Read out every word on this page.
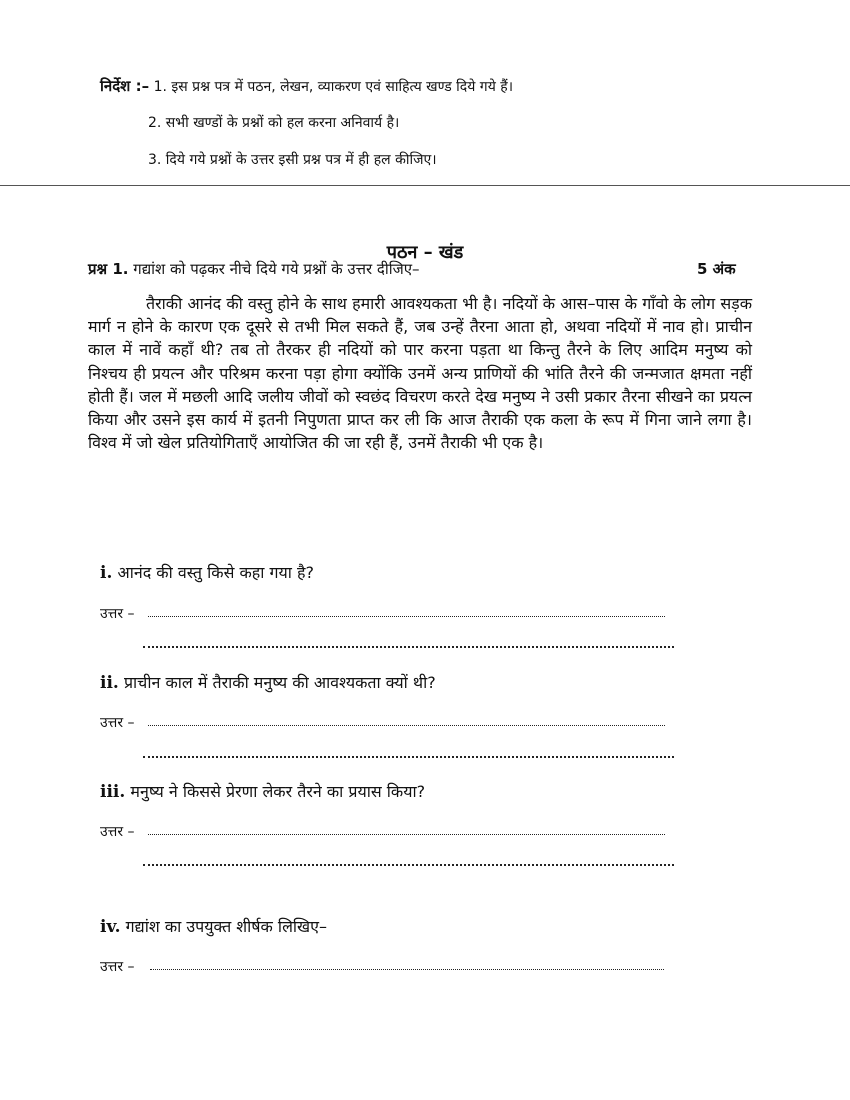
निर्देश :– 1. इस प्रश्न पत्र में पठन, लेखन, व्याकरण एवं साहित्य खण्ड दिये गये हैं।
2. सभी खण्डों के प्रश्नों को हल करना अनिवार्य है।
3. दिये गये प्रश्नों के उत्तर इसी प्रश्न पत्र में ही हल कीजिए।
पठन – खंड
प्रश्न 1. गद्यांश को पढ़कर नीचे दिये गये प्रश्नों के उत्तर दीजिए–	5 अंक

तैराकी आनंद की वस्तु होने के साथ हमारी आवश्यकता भी है। नदियों के आस–पास के गाँवो के लोग सड़क मार्ग न होने के कारण एक दूसरे से तभी मिल सकते हैं, जब उन्हें तैरना आता हो, अथवा नदियों में नाव हो। प्राचीन काल में नावें कहाँ थी? तब तो तैरकर ही नदियों को पार करना पड़ता था किन्तु तैरने के लिए आदिम मनुष्य को निश्चय ही प्रयत्न और परिश्रम करना पड़ा होगा क्योंकि उनमें अन्य प्राणियों की भांति तैरने की जन्मजात क्षमता नहीं होती हैं। जल में मछली आदि जलीय जीवों को स्वछंद विचरण करते देख मनुष्य ने उसी प्रकार तैरना सीखने का प्रयत्न किया और उसने इस कार्य में इतनी निपुणता प्राप्त कर ली कि आज तैराकी एक कला के रूप में गिना जाने लगा है। विश्व में जो खेल प्रतियोगिताएँ आयोजित की जा रही हैं, उनमें तैराकी भी एक है।

i. आनंद की वस्तु किसे कहा गया है?
उत्तर –
ii. प्राचीन काल में तैराकी मनुष्य की आवश्यकता क्यों थी?
उत्तर –
iii. मनुष्य ने किससे प्रेरणा लेकर तैरने का प्रयास किया?
उत्तर –
iv. गद्यांश का उपयुक्त शीर्षक लिखिए–
उत्तर –
